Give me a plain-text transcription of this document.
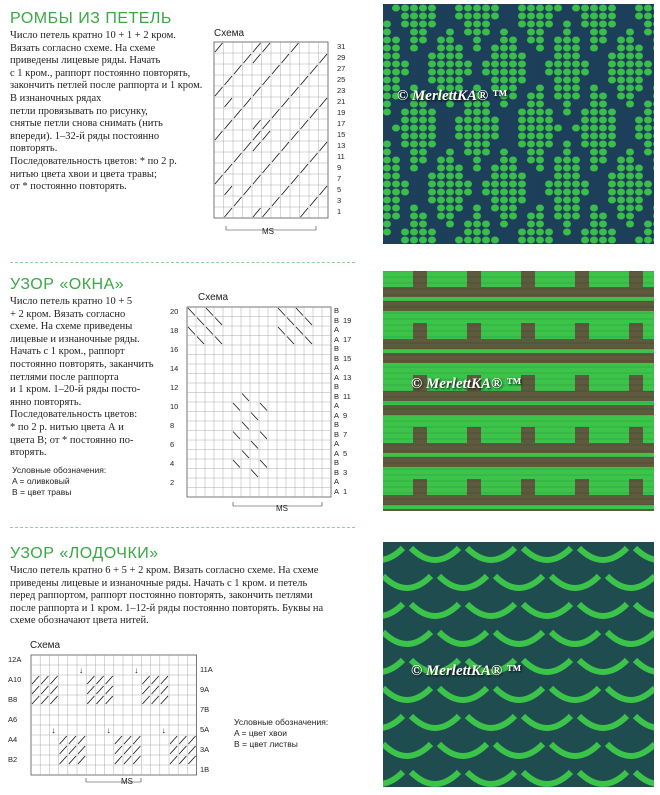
РОМБЫ ИЗ ПЕТЕЛЬ
Число петель кратно 10 + 1 + 2 кром.
Вязать согласно схеме. На схеме
приведены лицевые ряды. Начать
с 1 кром., раппорт постоянно повторять, закончить петлей после раппорта и 1 кром. В изнаночных рядах
петли провязывать по рисунку,
снятые петли снова снимать (нить
впереди). 1–32-й ряды постоянно
повторять.
Последовательность цветов: * по 2 р.
нитью цвета хвои и цвета травы;
от * постоянно повторять.
Схема
31
29
27
25
23
21
19
17
15
13
11
9
7
5
3
1
MS
© MerlettKA® ™
УЗОР «ОКНА»
Число петель кратно 10 + 5
+ 2 кром. Вязать согласно
схеме. На схеме приведены
лицевые и изнаночные ряды.
Начать с 1 кром., раппорт
постоянно повторять, заканчить петлями после раппорта
и 1 кром. 1–20-й ряды посто-
янно повторять.
Последовательность цветов:
* по 2 р. нитью цвета А и
цвета В; от * постоянно по-
вторять.
Условные обозначения:
A = оливковый
B = цвет травы
Схема
20
18
16
14
12
10
8
6
4
2
B
B
A
A
B
B
A
A
B
B
A
A
B
B
A
A
B
B
A
A
19
17
15
13
11
9
7
5
3
1
MS
© MerlettKA® ™
УЗОР «ЛОДОЧКИ»
Число петель кратно 6 + 5 + 2 кром. Вязать согласно схеме. На схеме
приведены лицевые и изнаночные ряды. Начать с 1 кром. и петель
перед раппортом, раппорт постоянно повторять, закончить петлями
после раппорта и 1 кром. 1–12-й ряды постоянно повторять. Буквы на
схеме обозначают цвета нитей.
Схема
12A
A10
B8
A6
A4
B2
↓	↓
↓	↓	↓
11A
9A
7B
5A
3A
1B
MS
Условные обозначения:
A = цвет хвои
B = цвет листвы
© MerlettKA® ™
